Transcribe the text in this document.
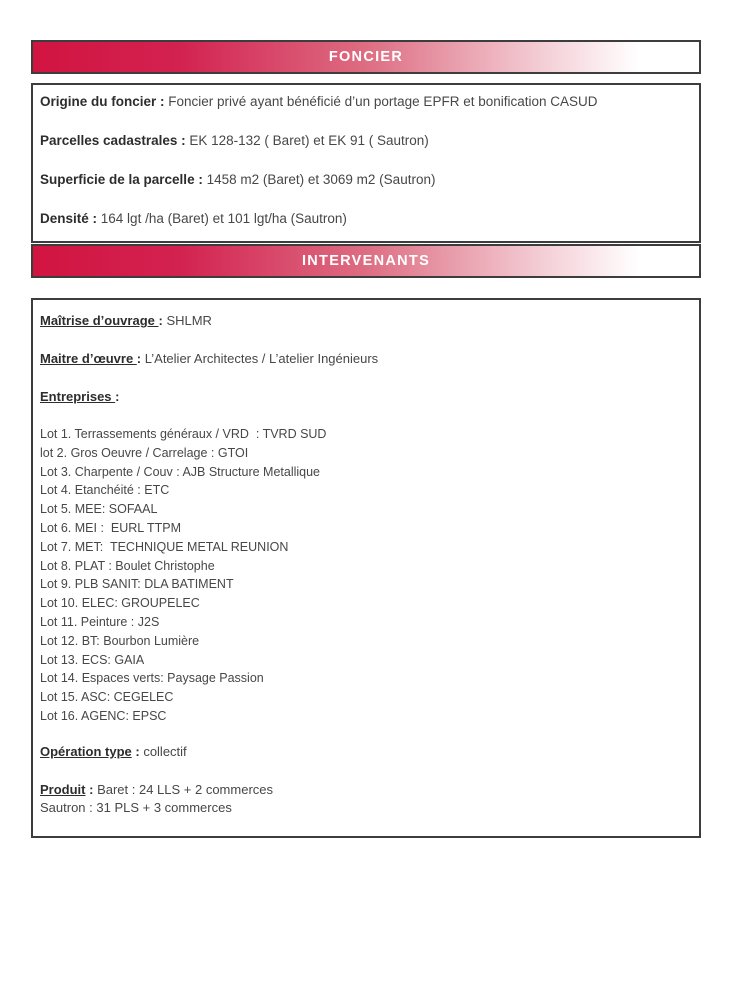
FONCIER

Origine du foncier : Foncier privé ayant bénéficié d’un portage EPFR et bonification CASUD

Parcelles cadastrales : EK 128-132 ( Baret) et EK 91 ( Sautron)

Superficie de la parcelle : 1458 m2 (Baret) et 3069 m2 (Sautron)

Densité : 164 lgt /ha (Baret) et 101 lgt/ha (Sautron)

INTERVENANTS

Maîtrise d’ouvrage : SHLMR

Maitre d’œuvre : L’Atelier Architectes / L’atelier Ingénieurs

Entreprises :

Lot 1. Terrassements généraux / VRD  : TVRD SUD
lot 2. Gros Oeuvre / Carrelage : GTOI
Lot 3. Charpente / Couv : AJB Structure Metallique
Lot 4. Etanchéité : ETC
Lot 5. MEE: SOFAAL
Lot 6. MEI :  EURL TTPM
Lot 7. MET:  TECHNIQUE METAL REUNION
Lot 8. PLAT : Boulet Christophe
Lot 9. PLB SANIT: DLA BATIMENT
Lot 10. ELEC: GROUPELEC
Lot 11. Peinture : J2S
Lot 12. BT: Bourbon Lumière
Lot 13. ECS: GAIA
Lot 14. Espaces verts: Paysage Passion
Lot 15. ASC: CEGELEC
Lot 16. AGENC: EPSC

Opération type : collectif

Produit : Baret : 24 LLS + 2 commerces

Sautron : 31 PLS + 3 commerces
